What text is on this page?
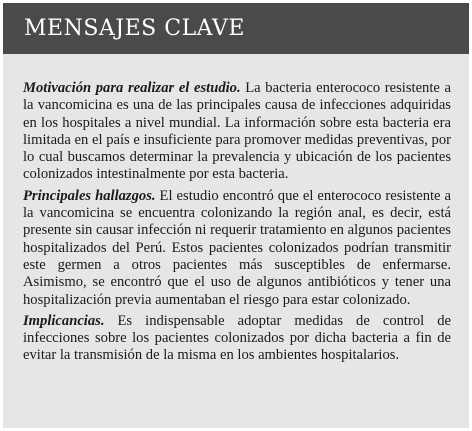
MENSAJES CLAVE

Motivación para realizar el estudio. La bacteria enterococo resistente a la vancomicina es una de las principales causa de infecciones adquiridas en los hospitales a nivel mundial. La información sobre esta bacteria era limitada en el país e insuficiente para promover medidas preventivas, por lo cual buscamos determinar la prevalencia y ubicación de los pacientes colonizados intestinalmente por esta bacteria.

Principales hallazgos. El estudio encontró que el enterococo resistente a la vancomicina se encuentra colonizando la región anal, es decir, está presente sin causar infección ni requerir tratamiento en algunos pacientes hospitalizados del Perú. Estos pacientes colonizados podrían transmitir este germen a otros pacientes más susceptibles de enfermarse. Asimismo, se encontró que el uso de algunos antibióticos y tener una hospitalización previa aumentaban el riesgo para estar colonizado.

Implicancias. Es indispensable adoptar medidas de control de infecciones sobre los pacientes colonizados por dicha bacteria a fin de evitar la transmisión de la misma en los ambientes hospitalarios.
